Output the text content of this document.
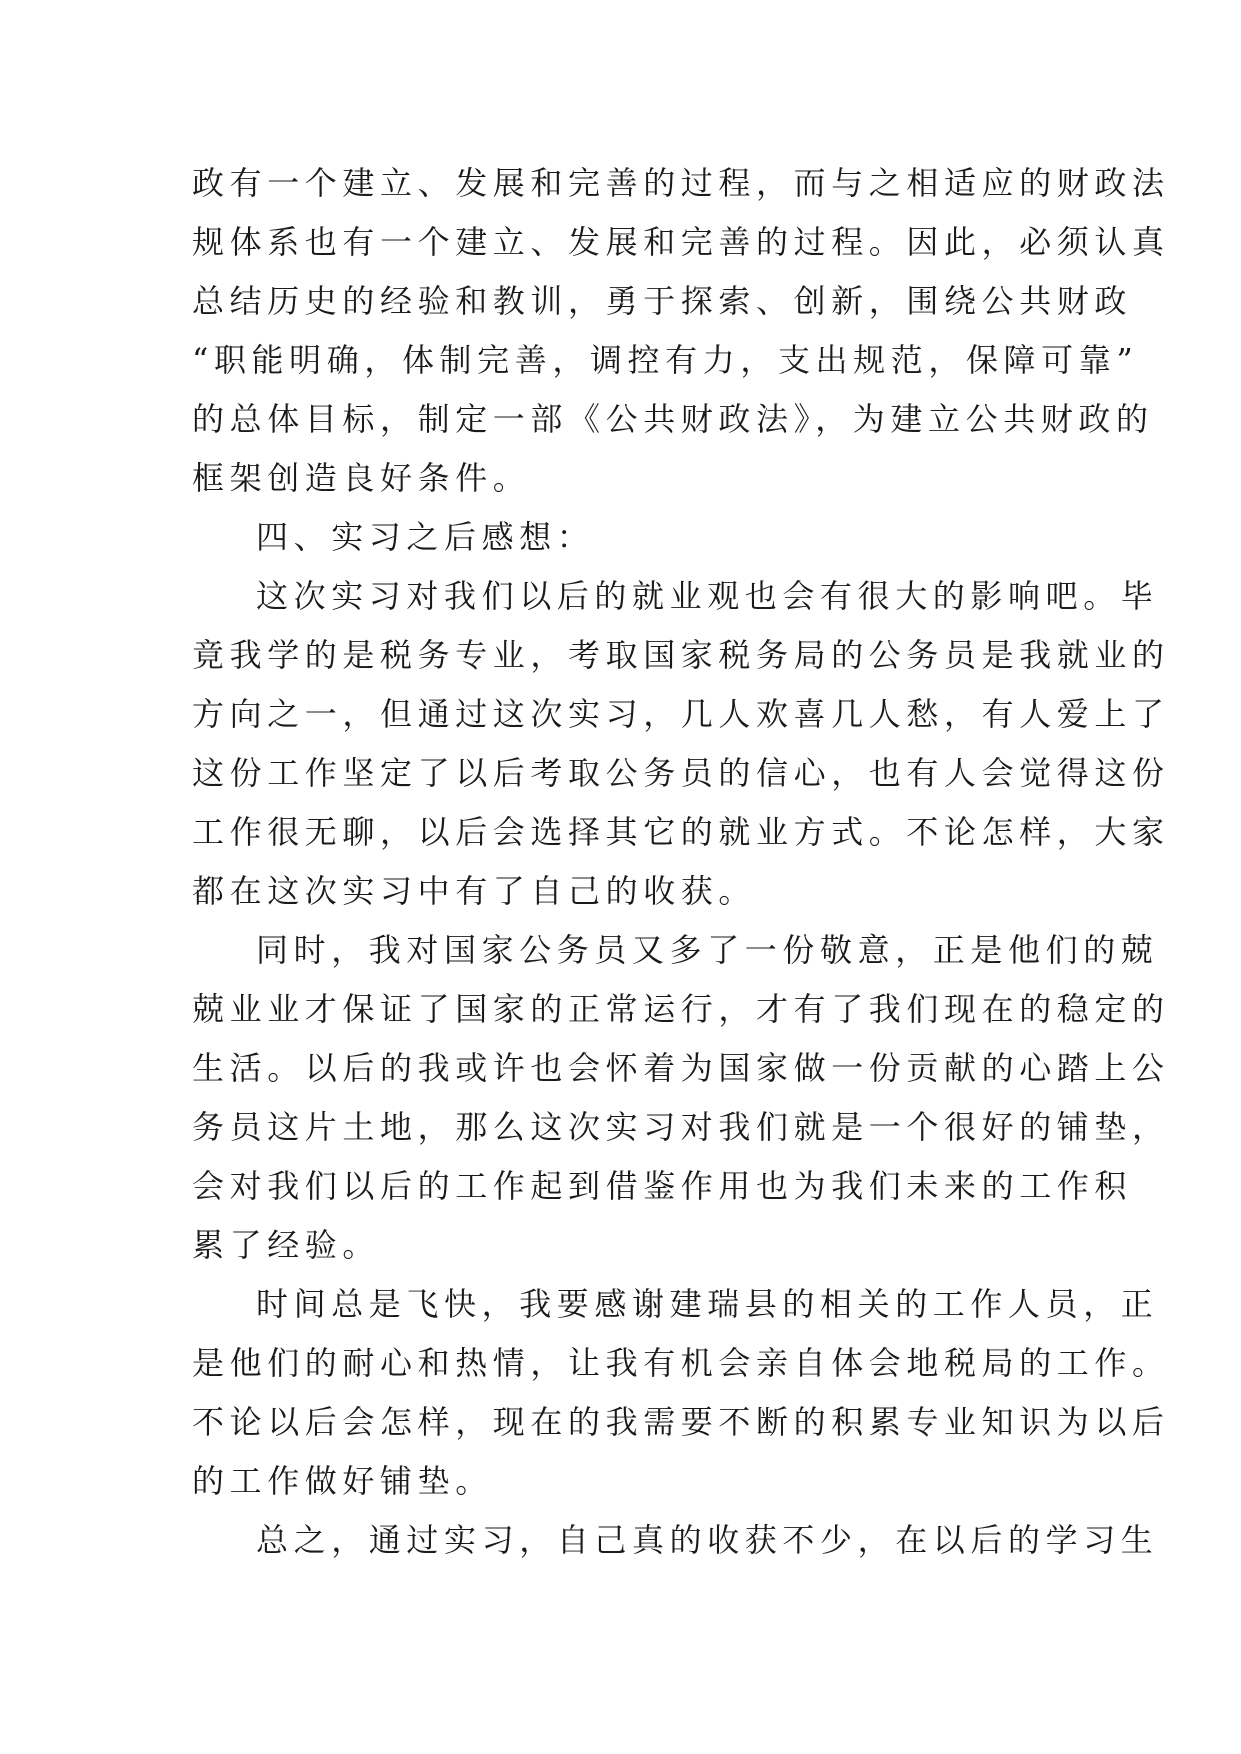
政有一个建立、发展和完善的过程，而与之相适应的财政法
规体系也有一个建立、发展和完善的过程。因此，必须认真
总结历史的经验和教训，勇于探索、创新，围绕公共财政
“职能明确，体制完善，调控有力，支出规范，保障可靠”
的总体目标，制定一部《公共财政法》，为建立公共财政的
框架创造良好条件。
四、实习之后感想：
这次实习对我们以后的就业观也会有很大的影响吧。毕
竟我学的是税务专业，考取国家税务局的公务员是我就业的
方向之一，但通过这次实习，几人欢喜几人愁，有人爱上了
这份工作坚定了以后考取公务员的信心，也有人会觉得这份
工作很无聊，以后会选择其它的就业方式。不论怎样，大家
都在这次实习中有了自己的收获。
同时，我对国家公务员又多了一份敬意，正是他们的兢
兢业业才保证了国家的正常运行，才有了我们现在的稳定的
生活。以后的我或许也会怀着为国家做一份贡献的心踏上公
务员这片土地，那么这次实习对我们就是一个很好的铺垫，
会对我们以后的工作起到借鉴作用也为我们未来的工作积
累了经验。
时间总是飞快，我要感谢建瑞县的相关的工作人员，正
是他们的耐心和热情，让我有机会亲自体会地税局的工作。
不论以后会怎样，现在的我需要不断的积累专业知识为以后
的工作做好铺垫。
总之，通过实习，自己真的收获不少，在以后的学习生
